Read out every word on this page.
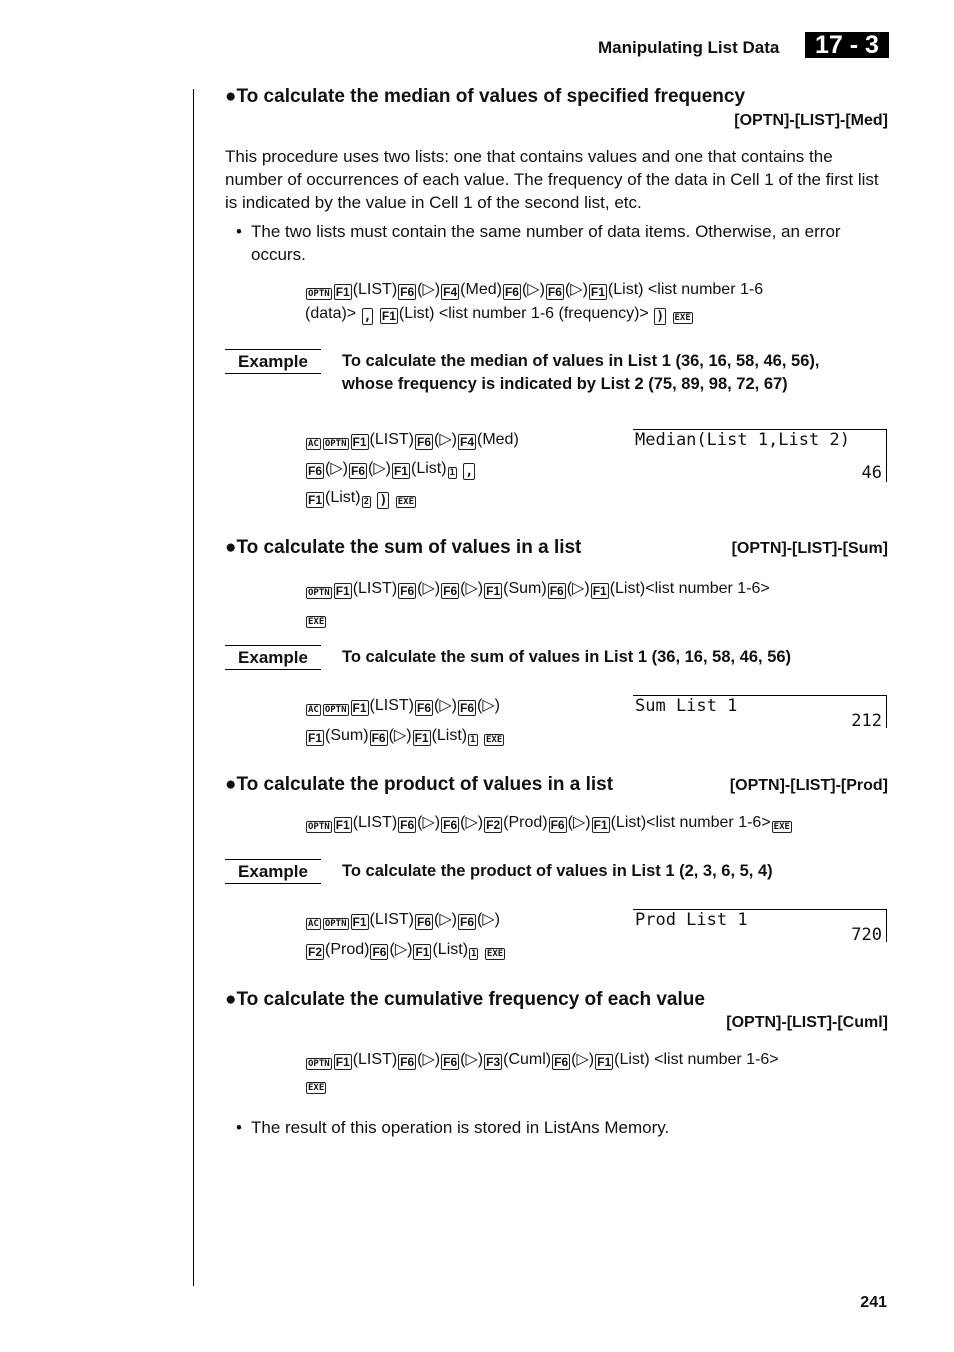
Manipulating List Data	17 - 3
●To calculate the median of values of specified frequency
[OPTN]-[LIST]-[Med]
This procedure uses two lists: one that contains values and one that contains the number of occurrences of each value. The frequency of the data in Cell 1 of the first list is indicated by the value in Cell 1 of the second list, etc.
• The two lists must contain the same number of data items. Otherwise, an error occurs.
OPTN F1 (LIST) F6 (▷) F4 (Med) F6 (▷) F6 (▷) F1 (List) <list number 1-6
(data)> , F1 (List) <list number 1-6 (frequency)> ) EXE
Example	To calculate the median of values in List 1 (36, 16, 58, 46, 56),
whose frequency is indicated by List 2 (75, 89, 98, 72, 67)
AC OPTN F1 (LIST) F6 (▷) F4 (Med)
F6 (▷) F6 (▷) F1 (List) 1 ,
F1 (List) 2 ) EXE
Median(List 1,List 2)
46
●To calculate the sum of values in a list	[OPTN]-[LIST]-[Sum]
OPTN F1 (LIST) F6 (▷) F6 (▷) F1 (Sum) F6 (▷) F1 (List)<list number 1-6>
EXE
Example	To calculate the sum of values in List 1 (36, 16, 58, 46, 56)
AC OPTN F1 (LIST) F6 (▷) F6 (▷)
F1 (Sum) F6 (▷) F1 (List) 1 EXE
Sum List 1
212
●To calculate the product of values in a list	[OPTN]-[LIST]-[Prod]
OPTN F1 (LIST) F6 (▷) F6 (▷) F2 (Prod) F6 (▷) F1 (List)<list number 1-6> EXE
Example	To calculate the product of values in List 1 (2, 3, 6, 5, 4)
AC OPTN F1 (LIST) F6 (▷) F6 (▷)
F2 (Prod) F6 (▷) F1 (List) 1 EXE
Prod List 1
720
●To calculate the cumulative frequency of each value
[OPTN]-[LIST]-[Cuml]
OPTN F1 (LIST) F6 (▷) F6 (▷) F3 (Cuml) F6 (▷) F1 (List) <list number 1-6>
EXE
• The result of this operation is stored in ListAns Memory.
241
